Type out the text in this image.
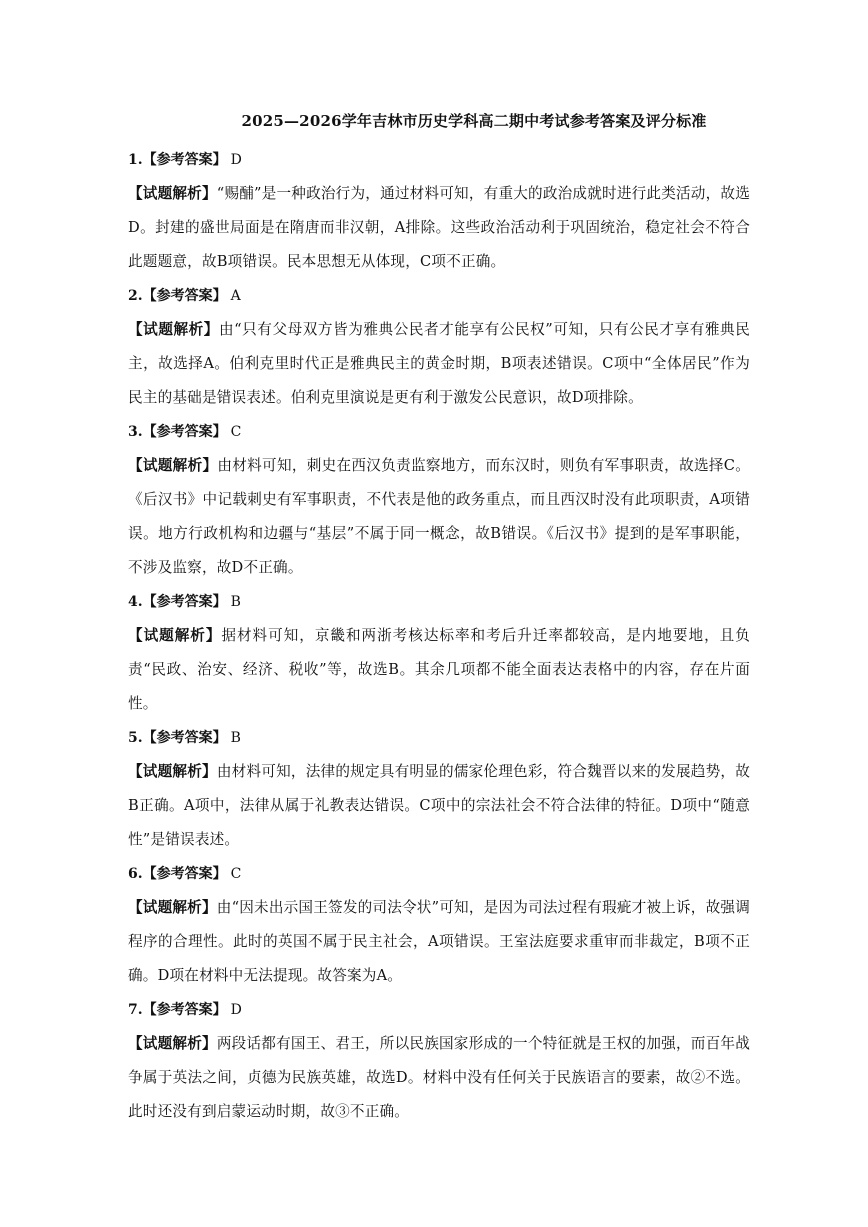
2025—2026学年吉林市历史学科高二期中考试参考答案及评分标准

1.【参考答案】 D

【试题解析】“赐酺”是一种政治行为，通过材料可知，有重大的政治成就时进行此类活动，故选D。封建的盛世局面是在隋唐而非汉朝，A排除。这些政治活动利于巩固统治，稳定社会不符合此题题意，故B项错误。民本思想无从体现，C项不正确。

2.【参考答案】 A

【试题解析】由“只有父母双方皆为雅典公民者才能享有公民权”可知，只有公民才享有雅典民主，故选择A。伯利克里时代正是雅典民主的黄金时期，B项表述错误。C项中“全体居民”作为民主的基础是错误表述。伯利克里演说是更有利于激发公民意识，故D项排除。

3.【参考答案】 C

【试题解析】由材料可知，刺史在西汉负责监察地方，而东汉时，则负有军事职责，故选择C。《后汉书》中记载刺史有军事职责，不代表是他的政务重点，而且西汉时没有此项职责，A项错误。地方行政机构和边疆与“基层”不属于同一概念，故B错误。《后汉书》提到的是军事职能，不涉及监察，故D不正确。

4.【参考答案】 B

【试题解析】据材料可知，京畿和两浙考核达标率和考后升迁率都较高，是内地要地，且负责“民政、治安、经济、税收”等，故选B。其余几项都不能全面表达表格中的内容，存在片面性。

5.【参考答案】 B

【试题解析】由材料可知，法律的规定具有明显的儒家伦理色彩，符合魏晋以来的发展趋势，故B正确。A项中，法律从属于礼教表达错误。C项中的宗法社会不符合法律的特征。D项中“随意性”是错误表述。

6.【参考答案】 C

【试题解析】由“因未出示国王签发的司法令状”可知，是因为司法过程有瑕疵才被上诉，故强调程序的合理性。此时的英国不属于民主社会，A项错误。王室法庭要求重审而非裁定，B项不正确。D项在材料中无法提现。故答案为A。

7.【参考答案】 D

【试题解析】两段话都有国王、君王，所以民族国家形成的一个特征就是王权的加强，而百年战争属于英法之间，贞德为民族英雄，故选D。材料中没有任何关于民族语言的要素，故②不选。此时还没有到启蒙运动时期，故③不正确。
